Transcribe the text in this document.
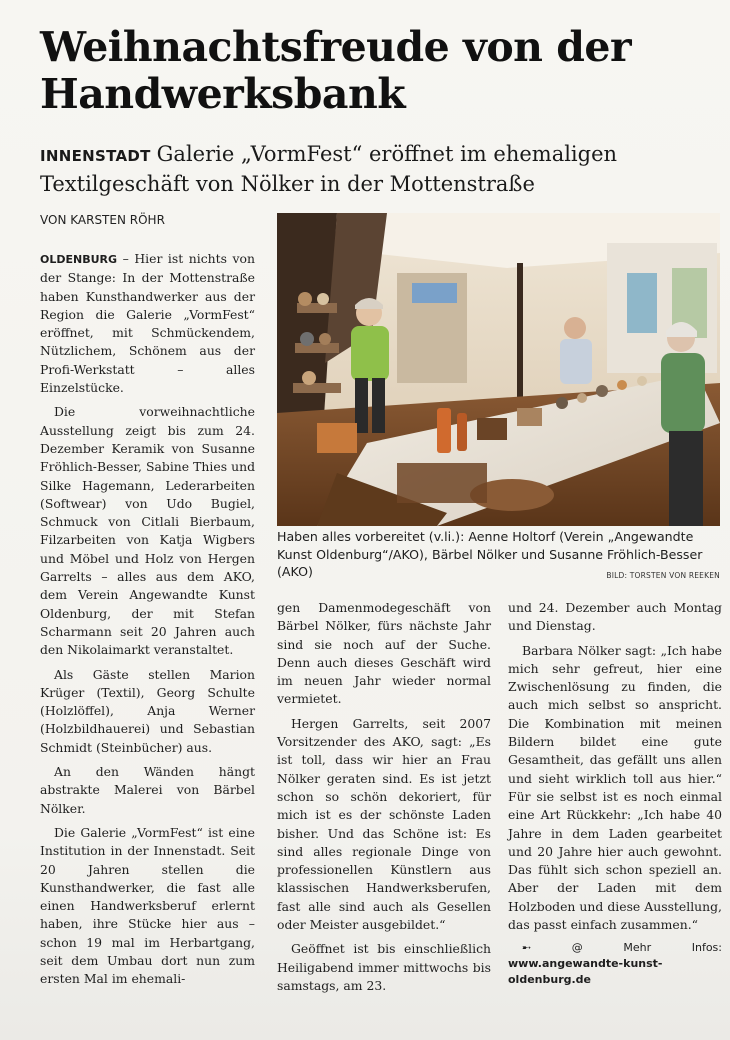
Weihnachtsfreude von der Handwerksbank
INNENSTADT Galerie „VormFest“ eröffnet im ehemaligen Textilgeschäft von Nölker in der Mottenstraße
VON KARSTEN RÖHR

OLDENBURG – Hier ist nichts von der Stange: In der Mottenstraße haben Kunsthandwerker aus der Region die Galerie „VormFest“ eröffnet, mit Schmückendem, Nützlichem, Schönem aus der Profi-Werkstatt – alles Einzelstücke.

Die vorweihnachtliche Ausstellung zeigt bis zum 24. Dezember Keramik von Susanne Fröhlich-Besser, Sabine Thies und Silke Hagemann, Lederarbeiten (Softwear) von Udo Bugiel, Schmuck von Citlali Bierbaum, Filzarbeiten von Katja Wigbers und Möbel und Holz von Hergen Garrelts – alles aus dem AKO, dem Verein Angewandte Kunst Oldenburg, der mit Stefan Scharmann seit 20 Jahren auch den Nikolaimarkt veranstaltet.

Als Gäste stellen Marion Krüger (Textil), Georg Schulte (Holzlöffel), Anja Werner (Holzbildhauerei) und Sebastian Schmidt (Steinbücher) aus.

An den Wänden hängt abstrakte Malerei von Bärbel Nölker.

Die Galerie „VormFest“ ist eine Institution in der Innenstadt. Seit 20 Jahren stellen die Kunsthandwerker, die fast alle einen Handwerksberuf erlernt haben, ihre Stücke hier aus – schon 19 mal im Herbartgang, seit dem Umbau dort nun zum ersten Mal im ehemali-

Haben alles vorbereitet (v.li.): Aenne Holtorf (Verein „Angewandte Kunst Oldenburg“/AKO), Bärbel Nölker und Susanne Fröhlich-Besser (AKO)	BILD: TORSTEN VON REEKEN

gen Damenmodegeschäft von Bärbel Nölker, fürs nächste Jahr sind sie noch auf der Suche. Denn auch dieses Geschäft wird im neuen Jahr wieder normal vermietet.

Hergen Garrelts, seit 2007 Vorsitzender des AKO, sagt: „Es ist toll, dass wir hier an Frau Nölker geraten sind. Es ist jetzt schon so schön dekoriert, für mich ist es der schönste Laden bisher. Und das Schöne ist: Es sind alles regionale Dinge von professionellen Künstlern aus klassischen Handwerksberufen, fast alle sind auch als Gesellen oder Meister ausgebildet.“

Geöffnet ist bis einschließlich Heiligabend immer mittwochs bis samstags, am 23.

und 24. Dezember auch Montag und Dienstag.

Barbara Nölker sagt: „Ich habe mich sehr gefreut, hier eine Zwischenlösung zu finden, die auch mich selbst so anspricht. Die Kombination mit meinen Bildern bildet eine gute Gesamtheit, das gefällt uns allen und sieht wirklich toll aus hier.“ Für sie selbst ist es noch einmal eine Art Rückkehr: „Ich habe 40 Jahre in dem Laden gearbeitet und 20 Jahre hier auch gewohnt. Das fühlt sich schon speziell an. Aber der Laden mit dem Holzboden und diese Ausstellung, das passt einfach zusammen.“

➸ @ Mehr Infos: www.angewandte-kunst-oldenburg.de
